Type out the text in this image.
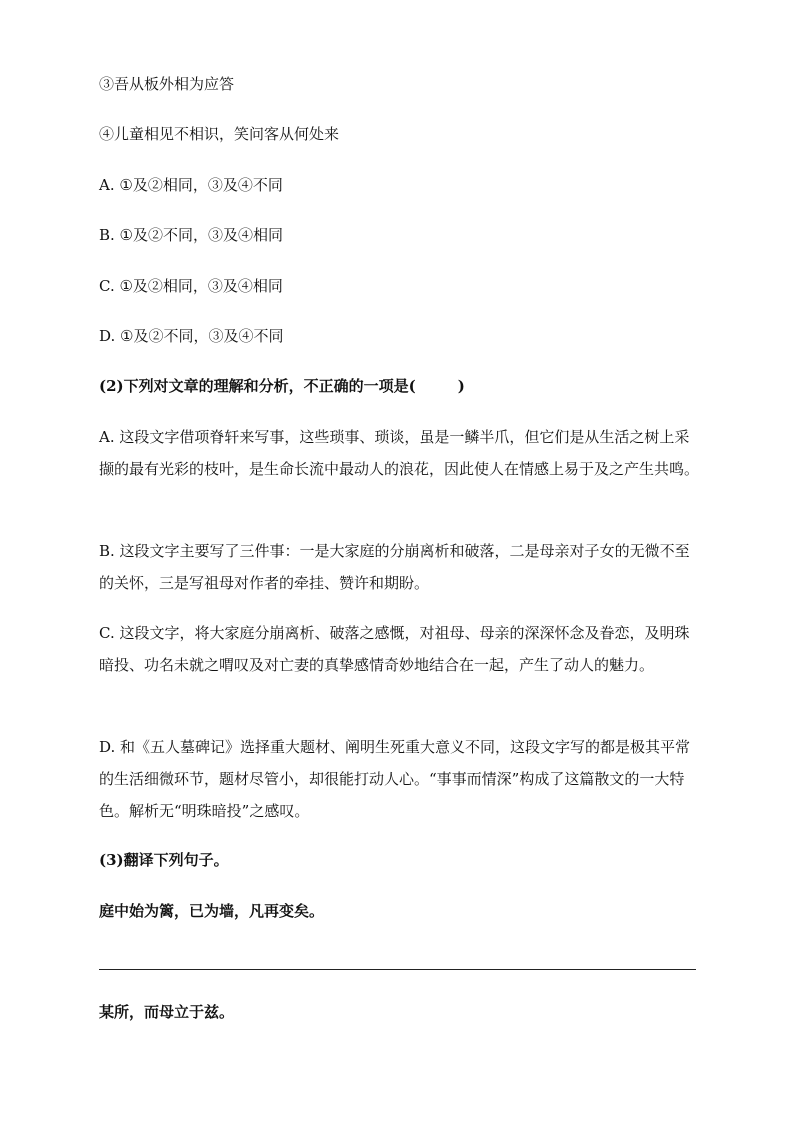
③吾从板外相为应答
④儿童相见不相识，笑问客从何处来
A. ①及②相同，③及④不同
B. ①及②不同，③及④相同
C. ①及②相同，③及④相同
D. ①及②不同，③及④不同
(2)下列对文章的理解和分析，不正确的一项是(	)
A. 这段文字借项脊轩来写事，这些琐事、琐谈，虽是一鳞半爪，但它们是从生活之树上采撷的最有光彩的枝叶，是生命长流中最动人的浪花，因此使人在情感上易于及之产生共鸣。
B. 这段文字主要写了三件事：一是大家庭的分崩离析和破落，二是母亲对子女的无微不至的关怀，三是写祖母对作者的牵挂、赞许和期盼。
C. 这段文字，将大家庭分崩离析、破落之感慨，对祖母、母亲的深深怀念及眷恋，及明珠暗投、功名未就之喟叹及对亡妻的真挚感情奇妙地结合在一起，产生了动人的魅力。
D. 和《五人墓碑记》选择重大题材、阐明生死重大意义不同，这段文字写的都是极其平常的生活细微环节，题材尽管小，却很能打动人心。“事事而情深”构成了这篇散文的一大特色。解析无“明珠暗投”之感叹。
(3)翻译下列句子。
庭中始为篱，已为墙，凡再变矣。
某所，而母立于兹。
